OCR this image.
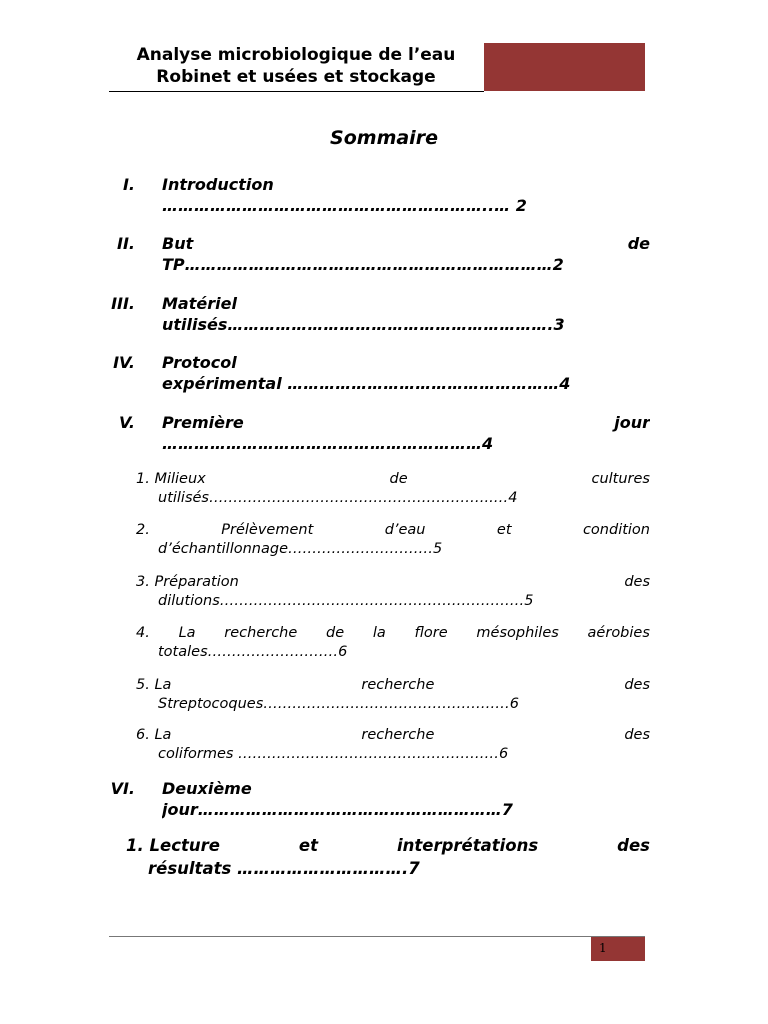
Analyse microbiologique de l’eau
Robinet et usées et stockage
Sommaire
I. Introduction
……………………………………………………..… 2
II. But	de
TP……………………………………………………………2
III. Matériel
utilisés…………………………………………………….3
IV. Protocol
expérimental ……………………………………………4
V. Première	jour
……………………………………………………4
1. Milieux	de	cultures
utilisés…………………………………………………..…4
2.	Prélèvement	d’eau	et	condition
d’échantillonnage…………………………5
3. Préparation	des
dilutions………………………………………………………5
4. La recherche de la flore mésophiles aérobies
totales………………………6
5. La	recherche	des
Streptocoques……………………………………………6
6. La	recherche	des
coliformes ………………………………………………6
VI. Deuxième
jour…………………………………………………7
1. Lecture	et	interprétations	des
résultats ………………………….7
1
